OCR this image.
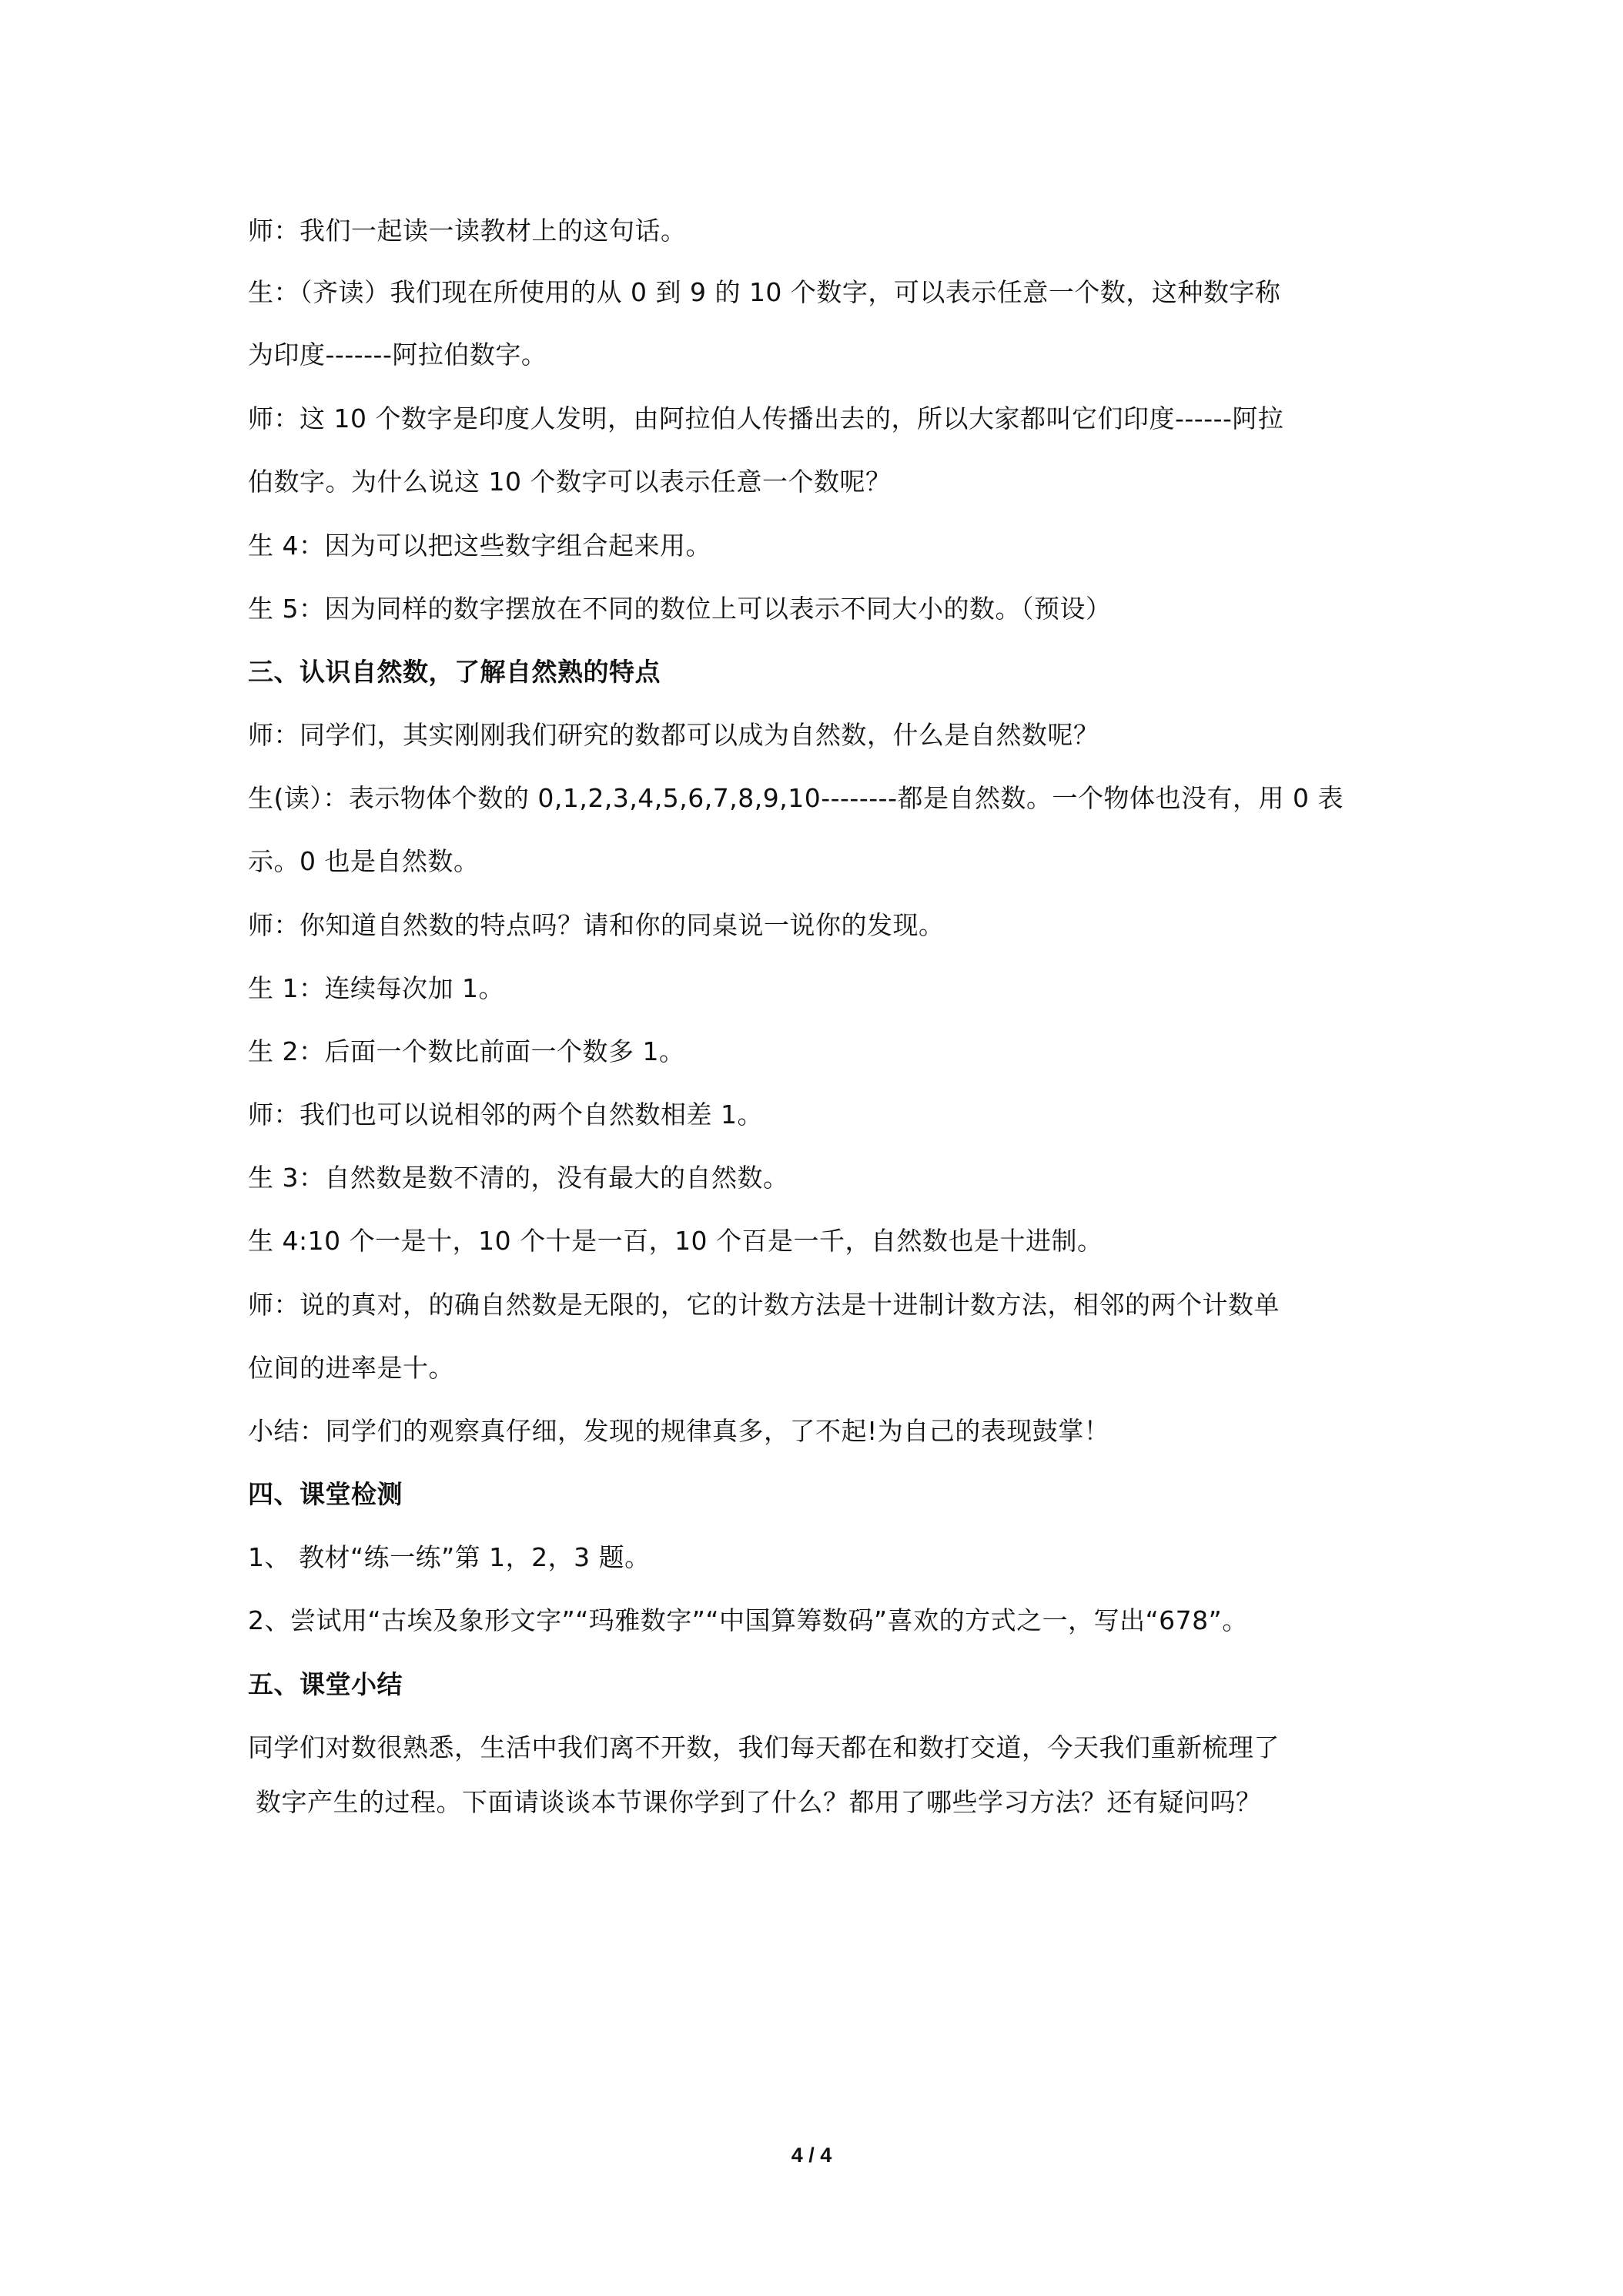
师：我们一起读一读教材上的这句话。
生：（齐读）我们现在所使用的从 0 到 9 的 10 个数字，可以表示任意一个数，这种数字称
为印度-------阿拉伯数字。
师：这 10 个数字是印度人发明，由阿拉伯人传播出去的，所以大家都叫它们印度------阿拉
伯数字。为什么说这 10 个数字可以表示任意一个数呢？
生 4：因为可以把这些数字组合起来用。
生 5：因为同样的数字摆放在不同的数位上可以表示不同大小的数。（预设）
三、认识自然数，了解自然熟的特点
师：同学们，其实刚刚我们研究的数都可以成为自然数，什么是自然数呢？
生(读）：表示物体个数的 0,1,2,3,4,5,6,7,8,9,10--------都是自然数。一个物体也没有，用 0 表
示。0 也是自然数。
师：你知道自然数的特点吗？请和你的同桌说一说你的发现。
生 1：连续每次加 1。
生 2：后面一个数比前面一个数多 1。
师：我们也可以说相邻的两个自然数相差 1。
生 3：自然数是数不清的，没有最大的自然数。
生 4:10 个一是十，10 个十是一百，10 个百是一千，自然数也是十进制。
师：说的真对，的确自然数是无限的，它的计数方法是十进制计数方法，相邻的两个计数单
位间的进率是十。
小结：同学们的观察真仔细，发现的规律真多，了不起!为自己的表现鼓掌！
四、课堂检测
1、 教材“练一练”第 1，2，3 题。
2、尝试用“古埃及象形文字”“玛雅数字”“中国算筹数码”喜欢的方式之一，写出“678”。
五、课堂小结
同学们对数很熟悉，生活中我们离不开数，我们每天都在和数打交道，今天我们重新梳理了
数字产生的过程。下面请谈谈本节课你学到了什么？都用了哪些学习方法？还有疑问吗？
4 / 4
